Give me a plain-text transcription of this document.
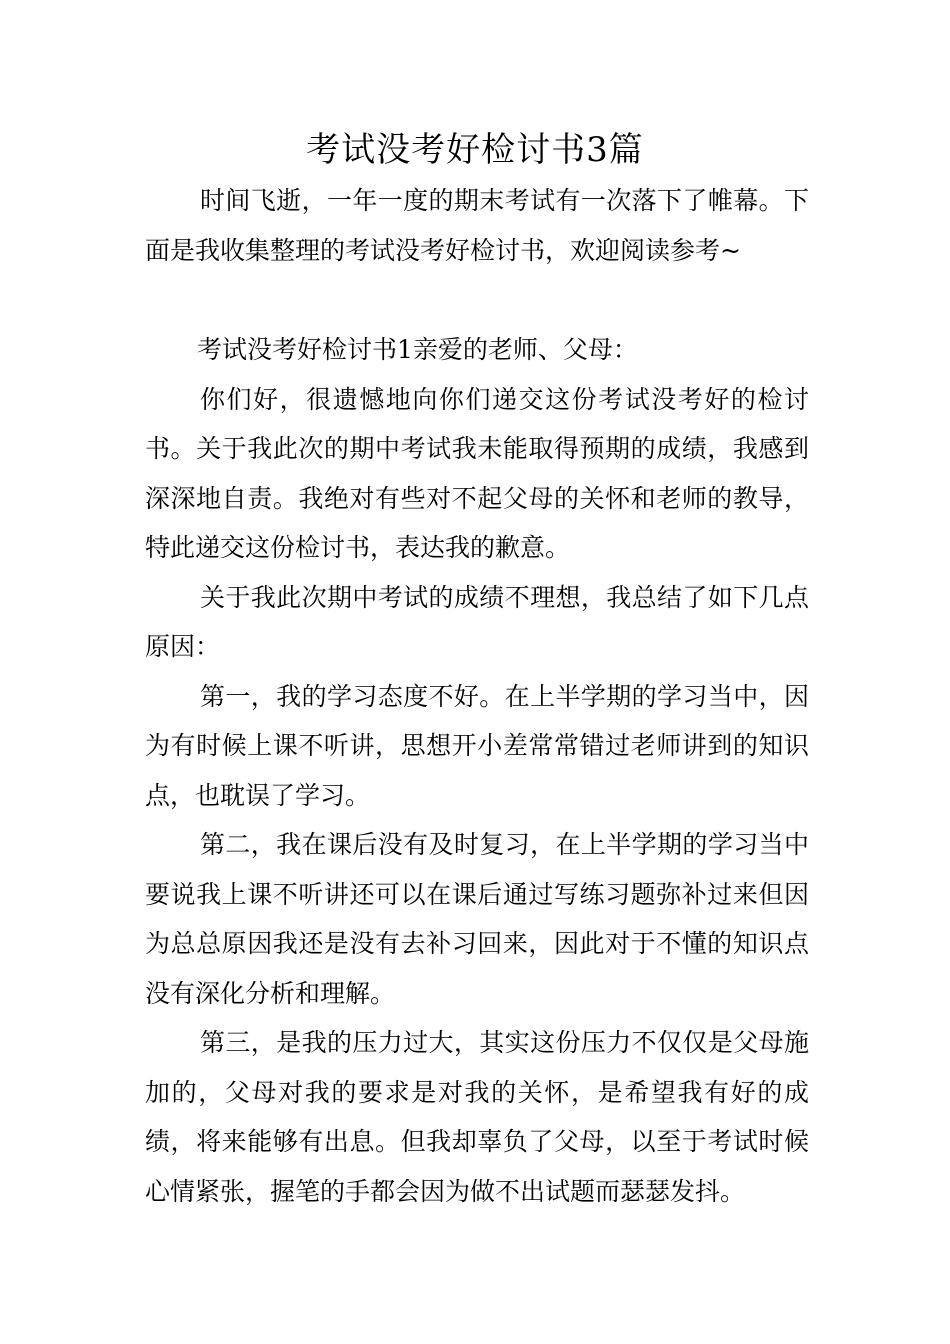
考试没考好检讨书3篇

时间飞逝，一年一度的期末考试有一次落下了帷幕。下面是我收集整理的考试没考好检讨书，欢迎阅读参考~

考试没考好检讨书1亲爱的老师、父母：

你们好，很遗憾地向你们递交这份考试没考好的检讨书。关于我此次的期中考试我未能取得预期的成绩，我感到深深地自责。我绝对有些对不起父母的关怀和老师的教导，特此递交这份检讨书，表达我的歉意。

关于我此次期中考试的成绩不理想，我总结了如下几点原因：

第一，我的学习态度不好。在上半学期的学习当中，因为有时候上课不听讲，思想开小差常常错过老师讲到的知识点，也耽误了学习。

第二，我在课后没有及时复习，在上半学期的学习当中要说我上课不听讲还可以在课后通过写练习题弥补过来但因为总总原因我还是没有去补习回来，因此对于不懂的知识点没有深化分析和理解。

第三，是我的压力过大，其实这份压力不仅仅是父母施加的，父母对我的要求是对我的关怀，是希望我有好的成绩，将来能够有出息。但我却辜负了父母，以至于考试时候心情紧张，握笔的手都会因为做不出试题而瑟瑟发抖。
